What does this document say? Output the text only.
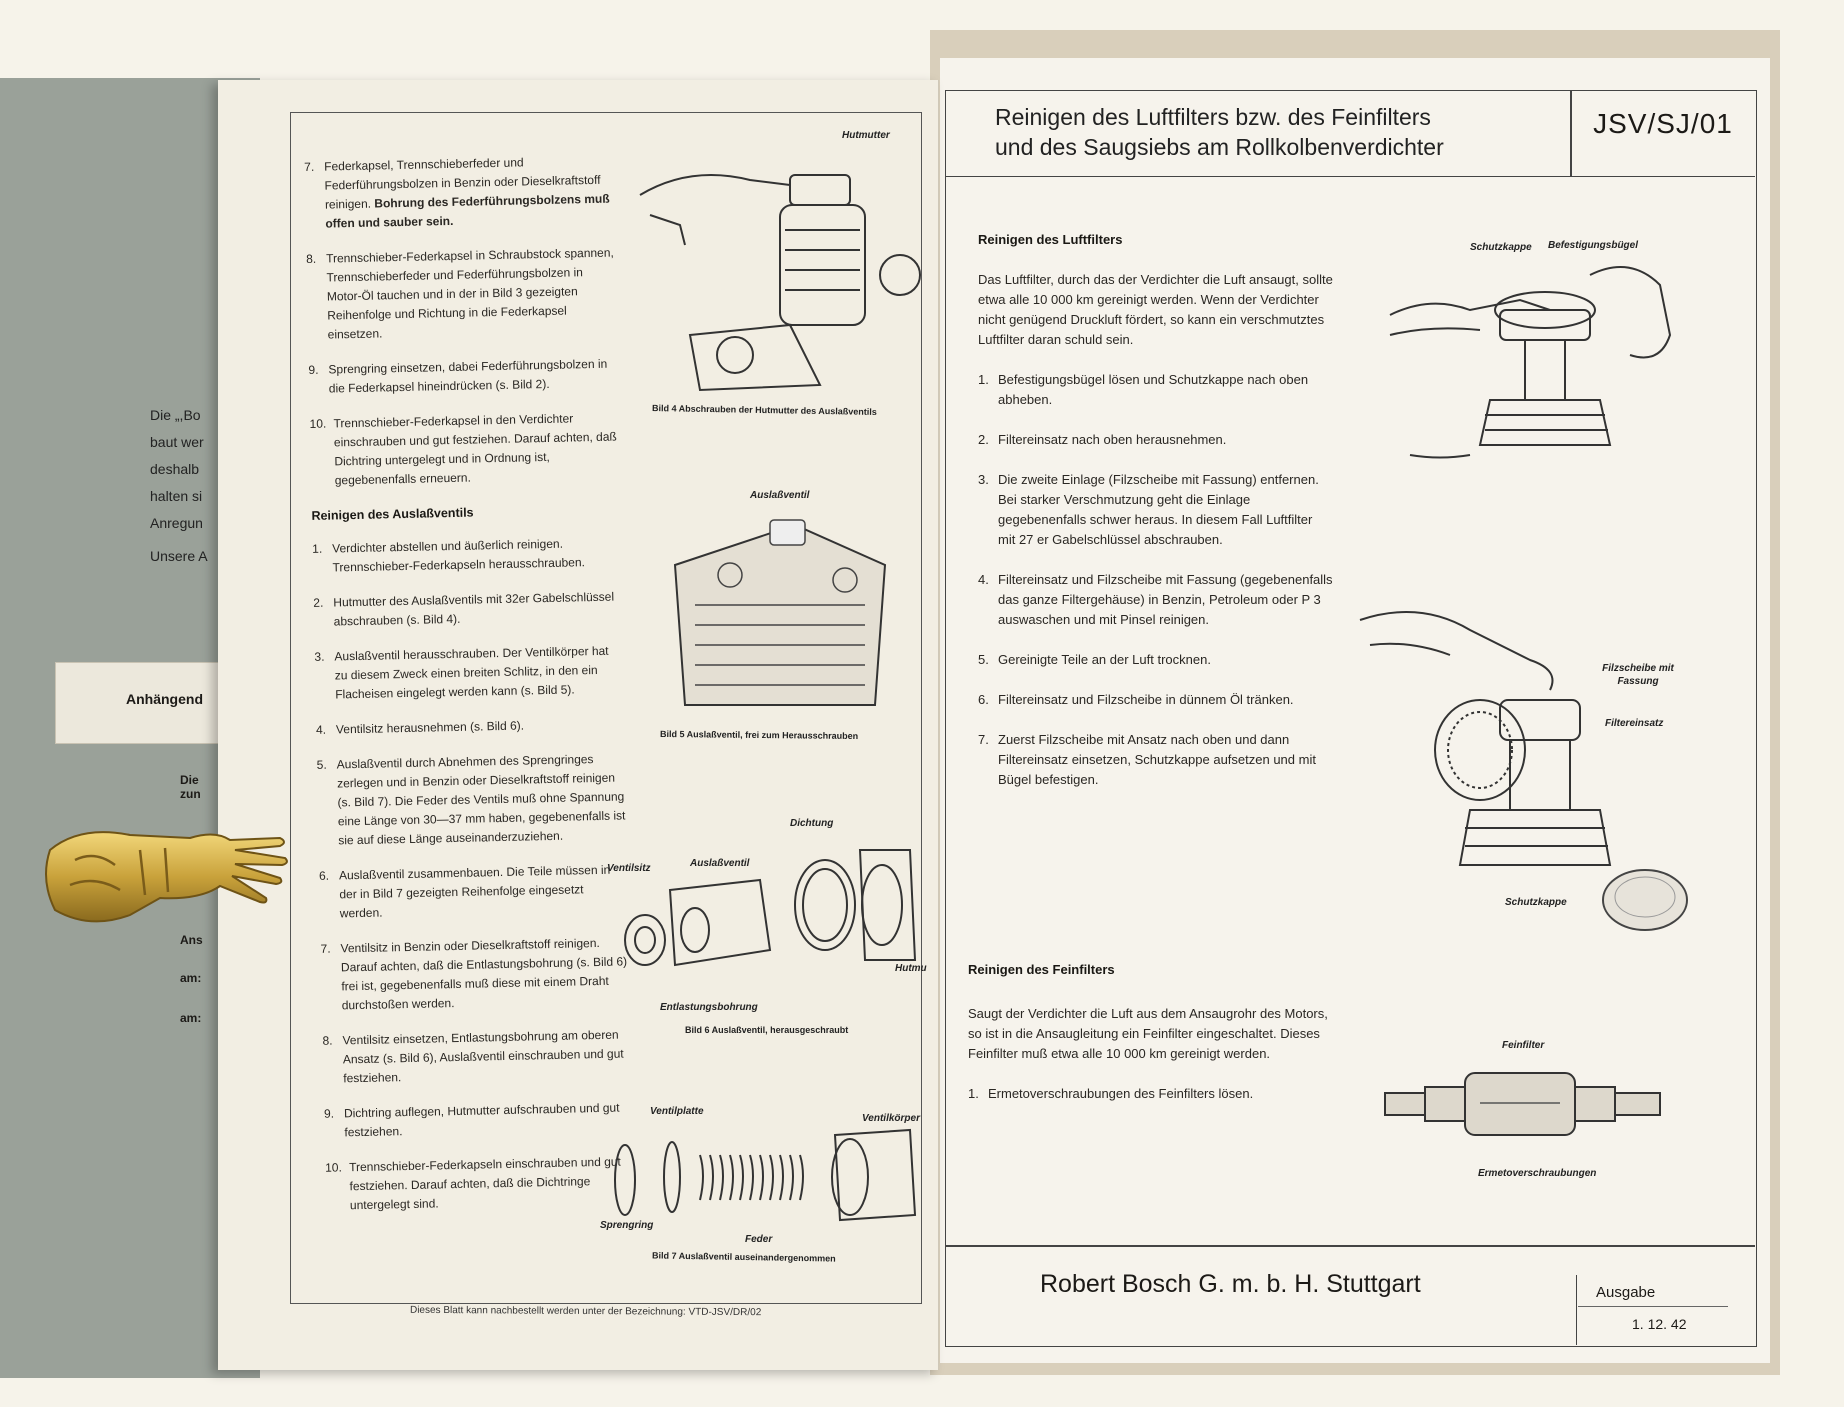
Die „,Bo
baut wer
deshalb
halten si
Anregun
Unsere A
Anhängend
Reinigen des Luftfilters bzw. des Feinfilters
und des Saugsiebs am Rollkolbenverdichter
JSV/SJ/01
Reinigen des Luftfilters

Das Luftfilter, durch das der Verdichter die Luft ansaugt, sollte etwa alle 10 000 km gereinigt werden. Wenn der Verdichter nicht genügend Druckluft fördert, so kann ein verschmutztes Luftfilter daran schuld sein.

1. Befestigungsbügel lösen und Schutzkappe nach oben abheben.

2. Filtereinsatz nach oben herausnehmen.

3. Die zweite Einlage (Filzscheibe mit Fassung) entfernen. Bei starker Verschmutzung geht die Einlage gegebenenfalls schwer heraus. In diesem Fall Luftfilter mit 27 er Gabelschlüssel abschrauben.

4. Filtereinsatz und Filzscheibe mit Fassung (gegebenenfalls das ganze Filtergehäuse) in Benzin, Petroleum oder P 3 auswaschen und mit Pinsel reinigen.

5. Gereinigte Teile an der Luft trocknen.

6. Filtereinsatz und Filzscheibe in dünnem Öl tränken.

7. Zuerst Filzscheibe mit Ansatz nach oben und dann Filtereinsatz einsetzen, Schutzkappe aufsetzen und mit Bügel befestigen.

Reinigen des Feinfilters

Saugt der Verdichter die Luft aus dem Ansaugrohr des Motors, so ist in die Ansaugleitung ein Feinfilter eingeschaltet. Dieses Feinfilter muß etwa alle 10 000 km gereinigt werden.

1. Ermetoverschraubungen des Feinfilters lösen.

Schutzkappe Befestigungsbügel
Filzscheibe mit Fassung
Filtereinsatz
Schutzkappe
Feinfilter
Ermetoverschraubungen
Robert Bosch G. m. b. H. Stuttgart	Ausgabe
1. 12. 42

7. Federkapsel, Trennschieberfeder und Federführungsbolzen in Benzin oder Dieselkraftstoff reinigen. Bohrung des Federführungsbolzens muß offen und sauber sein.

8. Trennschieber-Federkapsel in Schraubstock spannen, Trennschieberfeder und Federführungsbolzen in Motor-Öl tauchen und in der in Bild 3 gezeigten Reihenfolge und Richtung in die Federkapsel einsetzen.

9. Sprengring einsetzen, dabei Federführungsbolzen in die Federkapsel hineindrücken (s. Bild 2).

10. Trennschieber-Federkapsel in den Verdichter einschrauben und gut festziehen. Darauf achten, daß Dichtring untergelegt und in Ordnung ist, gegebenenfalls erneuern.

Reinigen des Auslaßventils

1. Verdichter abstellen und äußerlich reinigen. Trennschieber-Federkapseln herausschrauben.

2. Hutmutter des Auslaßventils mit 32er Gabelschlüssel abschrauben (s. Bild 4).

3. Auslaßventil herausschrauben. Der Ventilkörper hat zu diesem Zweck einen breiten Schlitz, in den ein Flacheisen eingelegt werden kann (s. Bild 5).

4. Ventilsitz herausnehmen (s. Bild 6).

5. Auslaßventil durch Abnehmen des Sprengringes zerlegen und in Benzin oder Dieselkraftstoff reinigen (s. Bild 7). Die Feder des Ventils muß ohne Spannung eine Länge von 30—37 mm haben, gegebenenfalls ist sie auf diese Länge auseinanderzuziehen.

6. Auslaßventil zusammenbauen. Die Teile müssen in der in Bild 7 gezeigten Reihenfolge eingesetzt werden.

7. Ventilsitz in Benzin oder Dieselkraftstoff reinigen. Darauf achten, daß die Entlastungsbohrung (s. Bild 6) frei ist, gegebenenfalls muß diese mit einem Draht durchstoßen werden.

8. Ventilsitz einsetzen, Entlastungsbohrung am oberen Ansatz (s. Bild 6), Auslaßventil einschrauben und gut festziehen.

9. Dichtring auflegen, Hutmutter aufschrauben und gut festziehen.

10. Trennschieber-Federkapseln einschrauben und gut festziehen. Darauf achten, daß die Dichtringe untergelegt sind.

Hutmutter
Bild 4 Abschrauben der Hutmutter des Auslaßventils
Auslaßventil
Bild 5 Auslaßventil, frei zum Herausschrauben
Dichtung
Ventilsitz	Auslaßventil
Hutmu
Entlastungsbohrung
Bild 6 Auslaßventil, herausgeschraubt
Ventilplatte
Ventilkörper
Sprengring
Feder
Bild 7 Auslaßventil auseinandergenommen
Dieses Blatt kann nachbestellt werden unter der Bezeichnung: VTD-JSV/DR/02
